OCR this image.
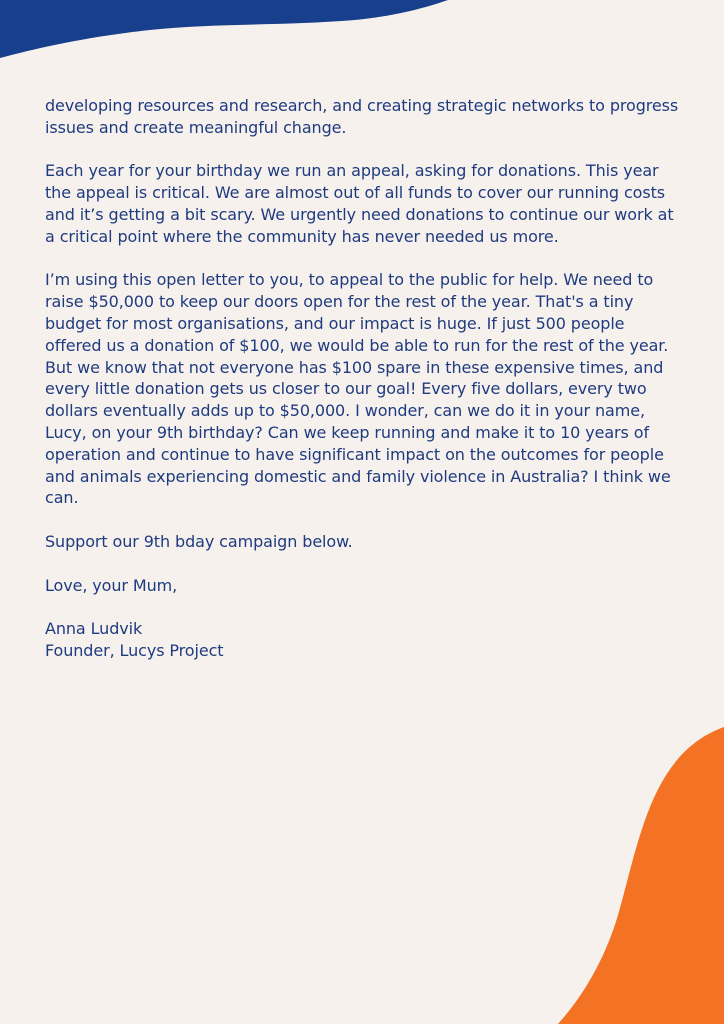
developing resources and research, and creating strategic networks to progress issues and create meaningful change.

Each year for your birthday we run an appeal, asking for donations. This year the appeal is critical. We are almost out of all funds to cover our running costs and it’s getting a bit scary. We urgently need donations to continue our work at a critical point where the community has never needed us more.

I’m using this open letter to you, to appeal to the public for help. We need to raise $50,000 to keep our doors open for the rest of the year. That's a tiny budget for most organisations, and our impact is huge. If just 500 people offered us a donation of $100, we would be able to run for the rest of the year. But we know that not everyone has $100 spare in these expensive times, and every little donation gets us closer to our goal! Every five dollars, every two dollars eventually adds up to $50,000. I wonder, can we do it in your name, Lucy, on your 9th birthday? Can we keep running and make it to 10 years of operation and continue to have significant impact on the outcomes for people and animals experiencing domestic and family violence in Australia? I think we can.

Support our 9th bday campaign below.

Love, your Mum,

Anna Ludvik

Founder, Lucys Project
